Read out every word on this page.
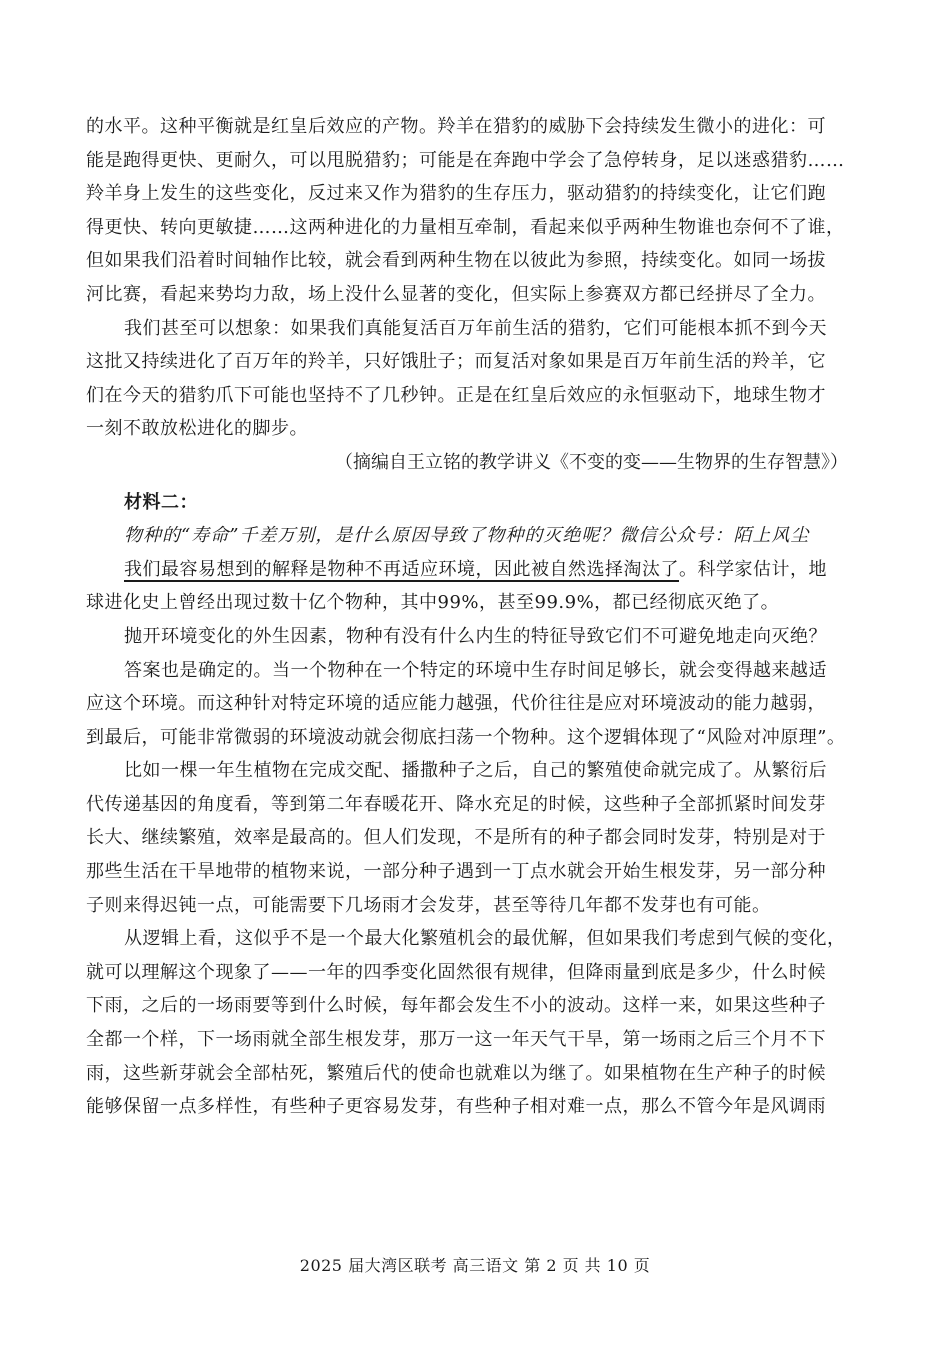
的水平。这种平衡就是红皇后效应的产物。羚羊在猎豹的威胁下会持续发生微小的进化：可
能是跑得更快、更耐久，可以甩脱猎豹；可能是在奔跑中学会了急停转身，足以迷惑猎豹……
羚羊身上发生的这些变化，反过来又作为猎豹的生存压力，驱动猎豹的持续变化，让它们跑
得更快、转向更敏捷……这两种进化的力量相互牵制，看起来似乎两种生物谁也奈何不了谁，
但如果我们沿着时间轴作比较，就会看到两种生物在以彼此为参照，持续变化。如同一场拔
河比赛，看起来势均力敌，场上没什么显著的变化，但实际上参赛双方都已经拼尽了全力。
我们甚至可以想象：如果我们真能复活百万年前生活的猎豹，它们可能根本抓不到今天
这批又持续进化了百万年的羚羊，只好饿肚子；而复活对象如果是百万年前生活的羚羊，它
们在今天的猎豹爪下可能也坚持不了几秒钟。正是在红皇后效应的永恒驱动下，地球生物才
一刻不敢放松进化的脚步。
（摘编自王立铭的教学讲义《不变的变——生物界的生存智慧》）
材料二：
物种的“寿命”千差万别，是什么原因导致了物种的灭绝呢？微信公众号：陌上风尘
我们最容易想到的解释是物种不再适应环境，因此被自然选择淘汰了。科学家估计，地
球进化史上曾经出现过数十亿个物种，其中99%，甚至99.9%，都已经彻底灭绝了。
抛开环境变化的外生因素，物种有没有什么内生的特征导致它们不可避免地走向灭绝？
答案也是确定的。当一个物种在一个特定的环境中生存时间足够长，就会变得越来越适
应这个环境。而这种针对特定环境的适应能力越强，代价往往是应对环境波动的能力越弱，
到最后，可能非常微弱的环境波动就会彻底扫荡一个物种。这个逻辑体现了“风险对冲原理”。
比如一棵一年生植物在完成交配、播撒种子之后，自己的繁殖使命就完成了。从繁衍后
代传递基因的角度看，等到第二年春暖花开、降水充足的时候，这些种子全部抓紧时间发芽
长大、继续繁殖，效率是最高的。但人们发现，不是所有的种子都会同时发芽，特别是对于
那些生活在干旱地带的植物来说，一部分种子遇到一丁点水就会开始生根发芽，另一部分种
子则来得迟钝一点，可能需要下几场雨才会发芽，甚至等待几年都不发芽也有可能。
从逻辑上看，这似乎不是一个最大化繁殖机会的最优解，但如果我们考虑到气候的变化，
就可以理解这个现象了——一年的四季变化固然很有规律，但降雨量到底是多少，什么时候
下雨，之后的一场雨要等到什么时候，每年都会发生不小的波动。这样一来，如果这些种子
全都一个样，下一场雨就全部生根发芽，那万一这一年天气干旱，第一场雨之后三个月不下
雨，这些新芽就会全部枯死，繁殖后代的使命也就难以为继了。如果植物在生产种子的时候
能够保留一点多样性，有些种子更容易发芽，有些种子相对难一点，那么不管今年是风调雨
2025 届大湾区联考 高三语文 第 2 页 共 10 页
